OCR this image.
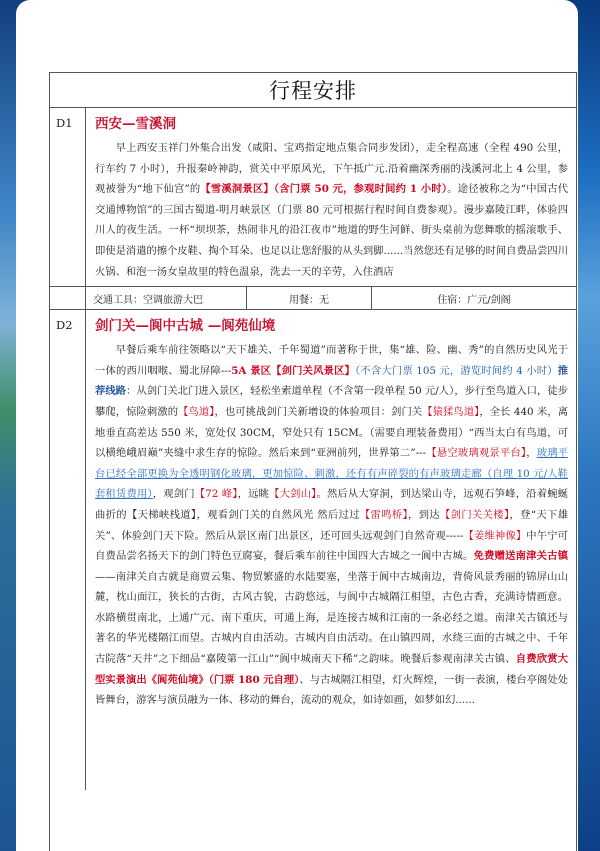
行程安排
D1	西安—雪溪洞
早上西安玉祥门外集合出发（咸阳、宝鸡指定地点集合同步发团），走全程高速（全程 490 公里，行车约 7 小时），升报秦岭神韵，赏关中平原风光，下午抵广元.沿着幽深秀丽的浅溪河北上 4 公里，参观被誉为“地下仙宫”的【雪溪洞景区】（含门票 50 元，参观时间约 1 小时）。途径被称之为“中国古代交通博物馆”的三国古蜀道-明月峡景区（门票 80 元可根据行程时间自费参观）。漫步嘉陵江畔，体验四川人的夜生活。一杯“坝坝茶，热闹非凡的沿江夜市”地道的野生河鲜、街头桌前为您舞歌的摇滚歌手、即使是消遣的擦个皮鞋、掏个耳朵、也足以让您舒服的从头到脚......当然您还有足够的时间自费品尝四川火锅、和泡一汤女皇故里的特色温泉，洗去一天的辛劳，入住酒店
交通工具：空调旅游大巴	用餐：无	住宿：广元/剑阁
D2	剑门关—阆中古城 —阆苑仙境
早餐后乘车前往领略以“天下雄关、千年蜀道”而著称于世，集“雄、险、幽、秀”的自然历史风光于一体的西川咽喉、蜀北屏障---5A 景区【剑门关风景区】（不含大门票 105 元，游览时间约 4 小时）推荐线路：从剑门关北门进入景区，轻松坐索道单程（不含第一段单程 50 元/人），步行至鸟道入口，徒步攀爬，惊险刺激的【鸟道】，也可挑战剑门关新增设的体验项目：剑门关【猿猱鸟道】，全长 440 米，离地垂直高差达 550 米，宽处仅 30CM，窄处只有 15CM。（需要自理装备费用）“西当太白有鸟道，可以横绝峨眉巅”夹缝中求生存的惊险。然后来到“亚洲前列，世界第二”---【悬空玻璃观景平台】，玻璃平台已经全部更换为全透明钢化玻璃，更加惊险、刺激，还有有声碎裂的有声玻璃走廊（自理 10 元/人鞋套租赁费用），观剑门【72 峰】，远眺【大剑山】。然后从大穿洞，到达梁山寺，远观石笋峰，沿着蜿蜒曲折的【天梯峡栈道】，观看剑门关的自然风光 然后过过【雷鸣桥】，到达【剑门关关楼】，登“天下雄关”、体验剑门天下险。然后从景区南门出景区，还可回头远观剑门自然奇观-----【姜维神像】中午宁可自费品尝名扬天下的剑门特色豆腐宴，餐后乘车前往中国四大古城之一阆中古城。免费赠送南津关古镇——南津关自古就是商贾云集、物贸繁盛的水陆要塞，坐落于阆中古城南边，背倚风景秀丽的锦屏山山麓，枕山面江，狭长的古街，古风古貌，古韵悠远，与阆中古城隔江相望，古色古香，充满诗情画意。水路横贯南北，上通广元、南下重庆，可通上海，是连接古城和江南的一条必经之道。南津关古镇还与著名的华光楼隔江而望。古城内自由活动。古城内自由活动。在山镇四周，水绕三面的古城之中、千年古院落“天井”之下细品“嘉陵第一江山”“阆中城南天下稀”之韵味。晚餐后参观南津关古镇、自费欣赏大型实景演出《阆苑仙境》（门票 180 元自理）、与古城隔江相望，灯火辉煌，一街一表演，楼台亭阁处处皆舞台，游客与演员融为一体、移动的舞台，流动的观众，如诗如画，如梦如幻......
